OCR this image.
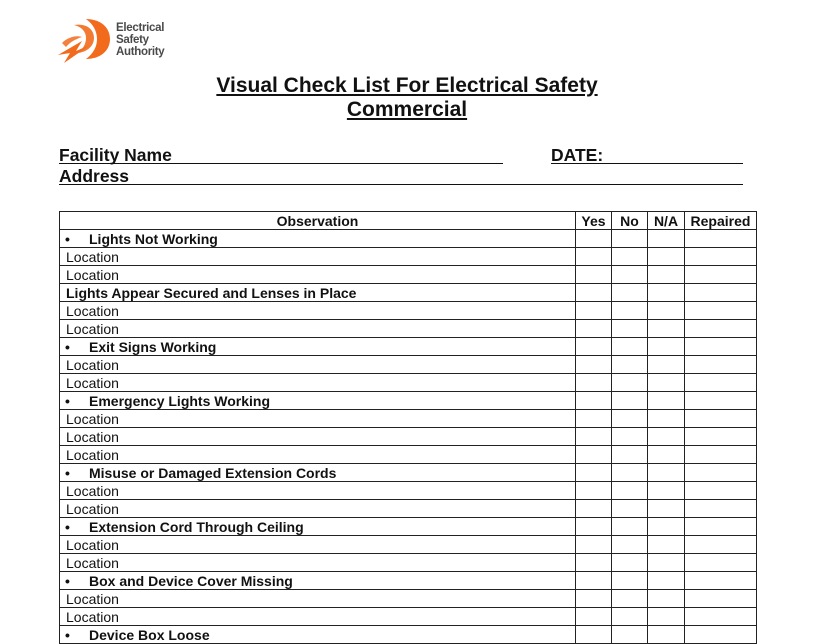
Electrical
Safety
Authority
Visual Check List For Electrical Safety
Commercial
Facility Name	DATE:
Address
Observation	Yes	No	N/A	Repaired
• Lights Not Working				
Location				
Location				
Lights Appear Secured and Lenses in Place				
Location				
Location				
• Exit Signs Working				
Location				
Location				
• Emergency Lights Working				
Location				
Location				
Location				
• Misuse or Damaged Extension Cords				
Location				
Location				
• Extension Cord Through Ceiling				
Location				
Location				
• Box and Device Cover Missing				
Location				
Location				
• Device Box Loose				
